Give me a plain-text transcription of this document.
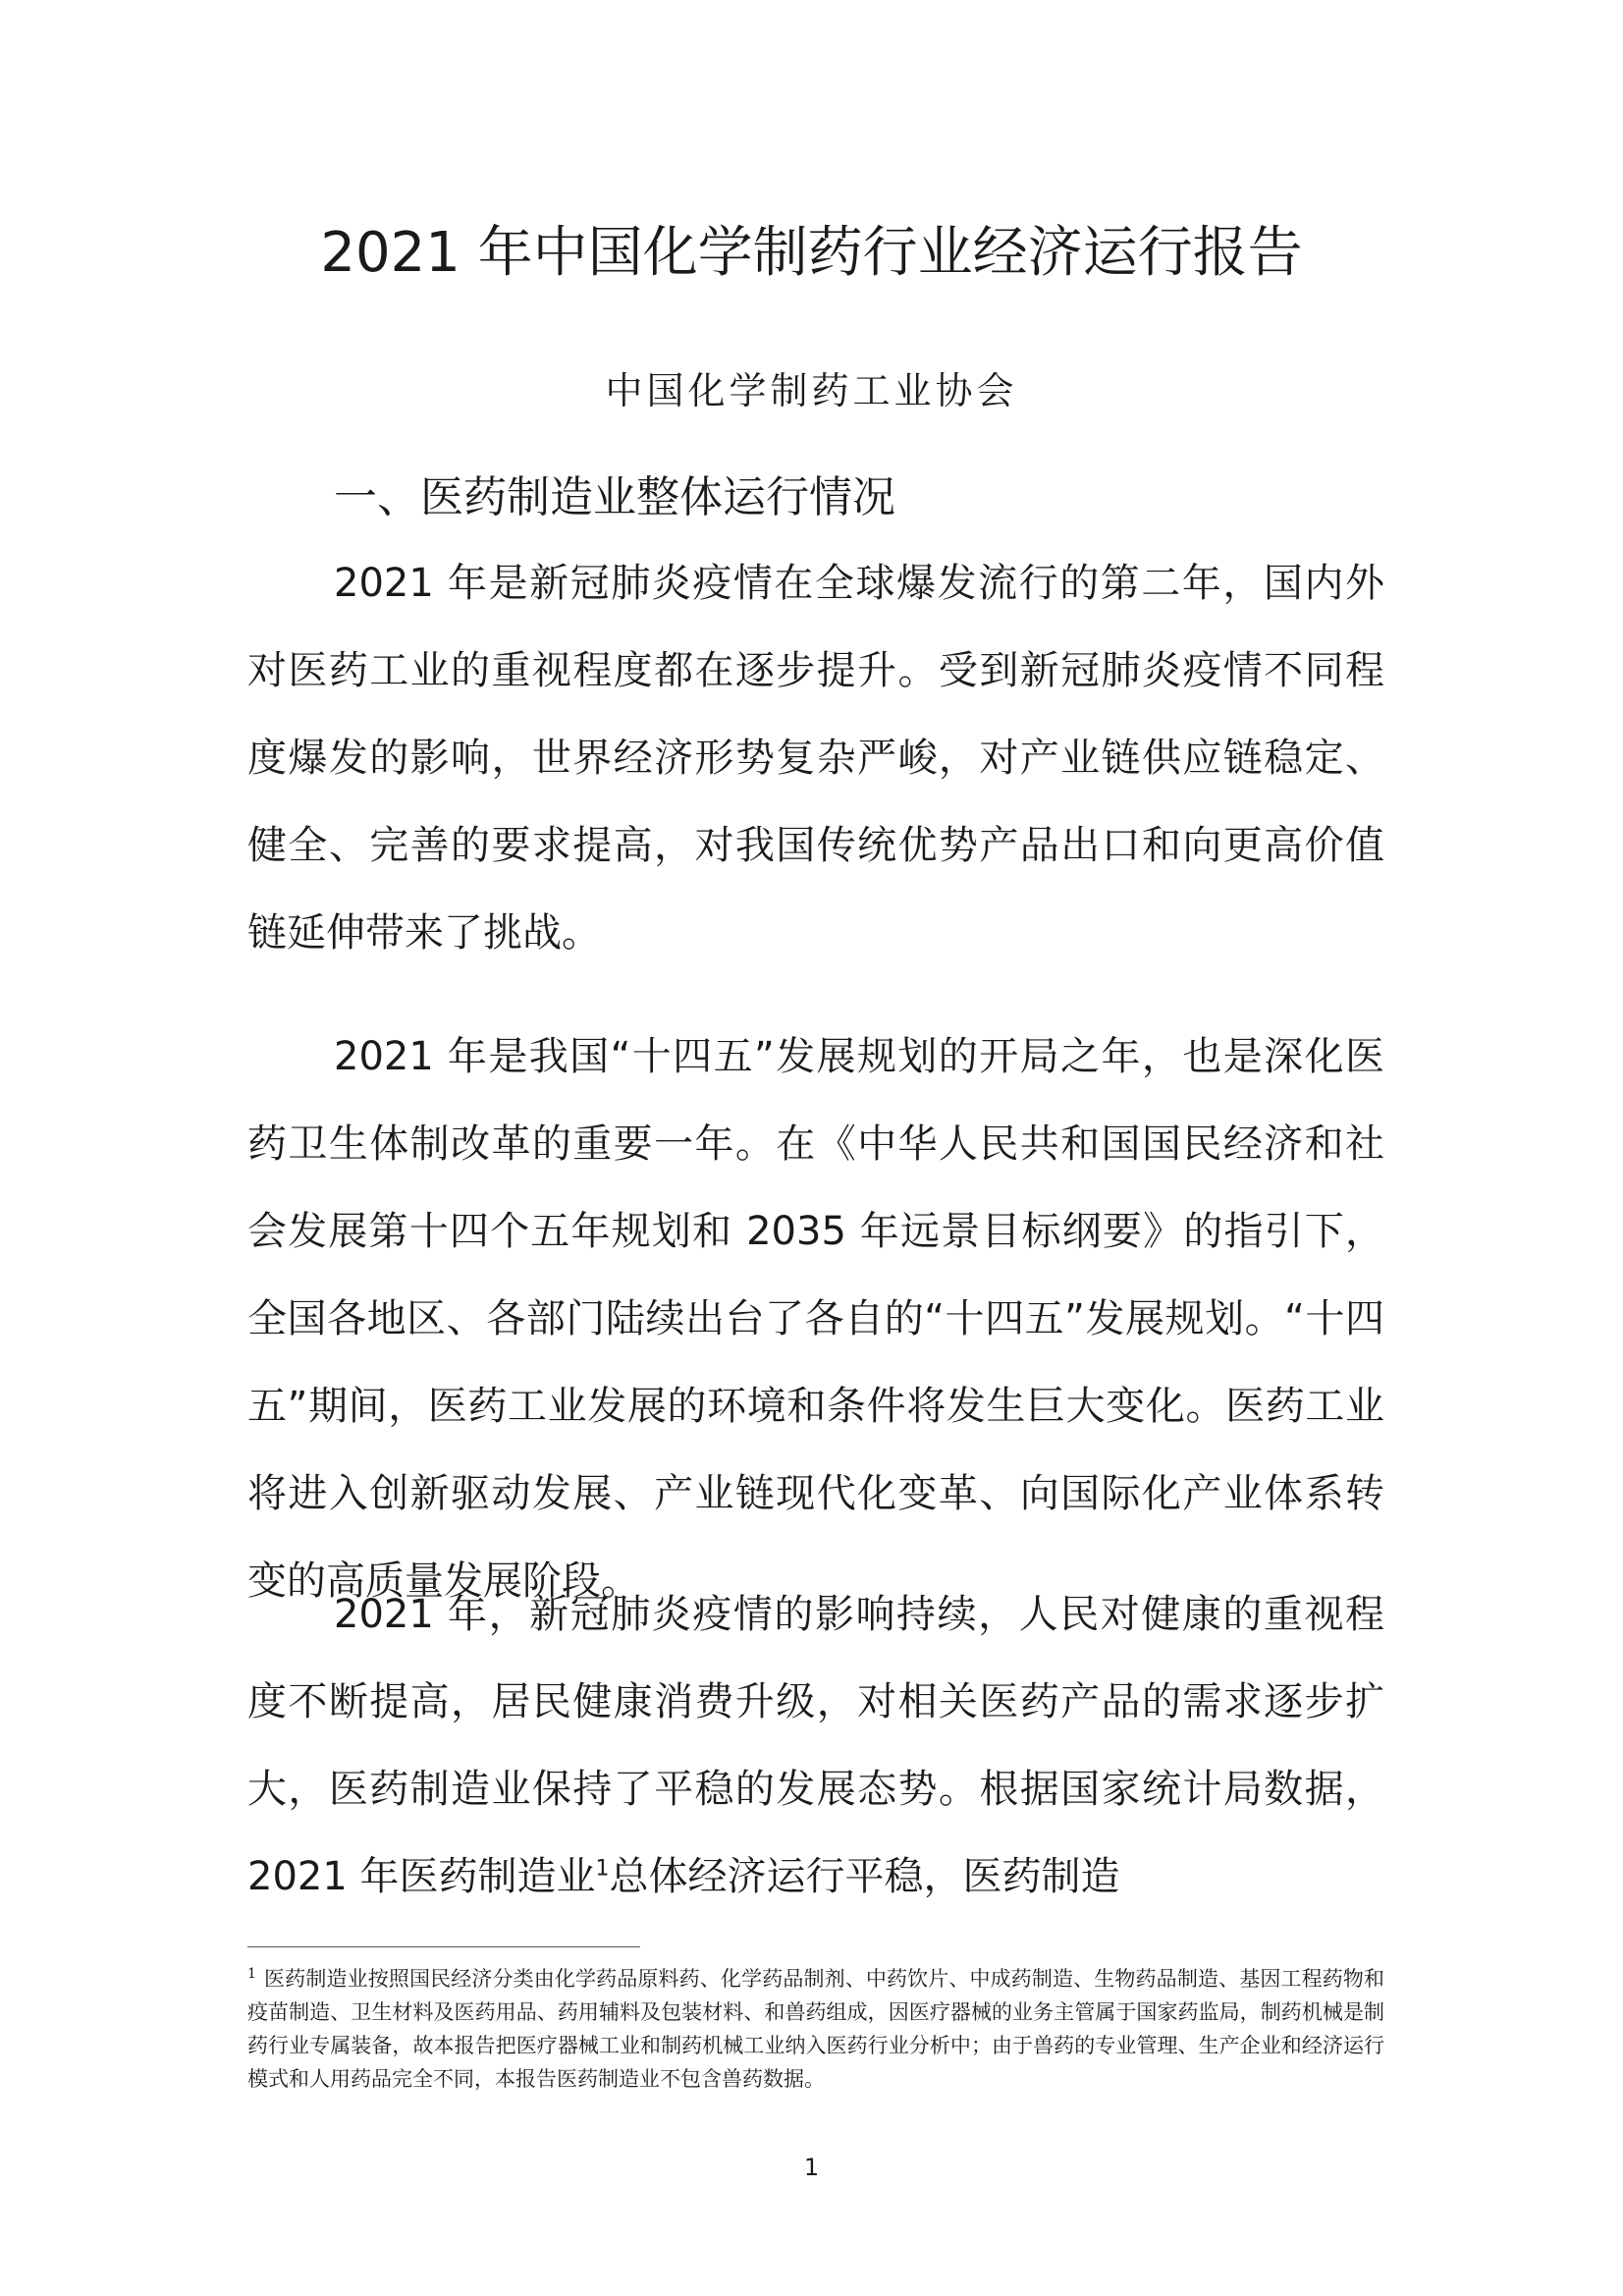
2021 年中国化学制药行业经济运行报告

中国化学制药工业协会

一、医药制造业整体运行情况

2021 年是新冠肺炎疫情在全球爆发流行的第二年，国内外对医药工业的重视程度都在逐步提升。受到新冠肺炎疫情不同程度爆发的影响，世界经济形势复杂严峻，对产业链供应链稳定、健全、完善的要求提高，对我国传统优势产品出口和向更高价值链延伸带来了挑战。

2021 年是我国“十四五”发展规划的开局之年，也是深化医药卫生体制改革的重要一年。在《中华人民共和国国民经济和社会发展第十四个五年规划和 2035 年远景目标纲要》的指引下，全国各地区、各部门陆续出台了各自的“十四五”发展规划。“十四五”期间，医药工业发展的环境和条件将发生巨大变化。医药工业将进入创新驱动发展、产业链现代化变革、向国际化产业体系转变的高质量发展阶段。

2021 年，新冠肺炎疫情的影响持续，人民对健康的重视程度不断提高，居民健康消费升级，对相关医药产品的需求逐步扩大，医药制造业保持了平稳的发展态势。根据国家统计局数据，2021 年医药制造业$^1$总体经济运行平稳，医药制造

$^1$ 医药制造业按照国民经济分类由化学药品原料药、化学药品制剂、中药饮片、中成药制造、生物药品制造、基因工程药物和疫苗制造、卫生材料及医药用品、药用辅料及包装材料、和兽药组成，因医疗器械的业务主管属于国家药监局，制药机械是制药行业专属装备，故本报告把医疗器械工业和制药机械工业纳入医药行业分析中；由于兽药的专业管理、生产企业和经济运行模式和人用药品完全不同，本报告医药制造业不包含兽药数据。

1
